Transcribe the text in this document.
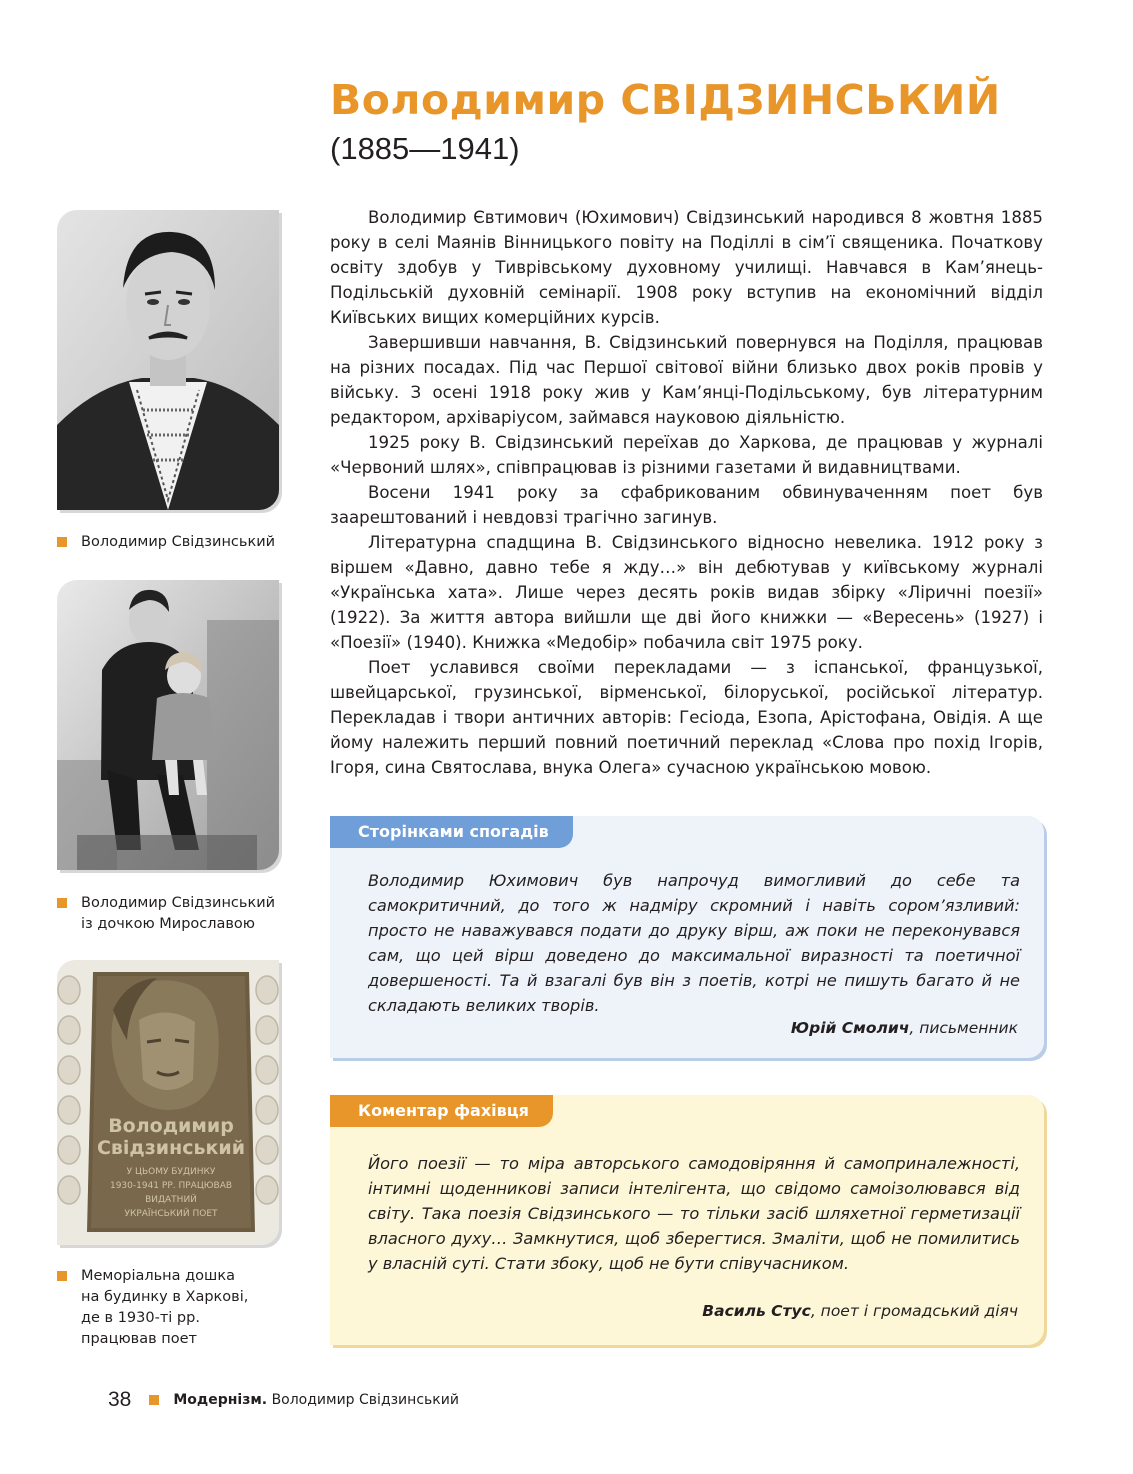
Володимир СВІДЗИНСЬКИЙ
(1885—1941)
Володимир Свідзинський
Володимир Свідзинський
із дочкою Мирославою
Володимир
Свідзинський
У ЦЬОМУ БУДИНКУ
1930-1941 РР. ПРАЦЮВАВ
ВИДАТНИЙ
УКРАЇНСЬКИЙ ПОЕТ
Меморіальна дошка
на будинку в Харкові,
де в 1930-ті рр.
працював поет

Володимир Євтимович (Юхимович) Свідзинський народився 8 жовтня 1885 року в селі Маянів Вінницького повіту на Поділлі в сім’ї священика. Початкову освіту здобув у Тиврівському духовному училищі. Навчався в Кам’янець-Подільській духовній семінарії. 1908 року вступив на економічний відділ Київських вищих комерційних курсів.

Завершивши навчання, В. Свідзинський повернувся на Поділля, працював на різних посадах. Під час Першої світової війни близько двох років провів у війську. З осені 1918 року жив у Кам’янці-Подільському, був літературним редактором, архіваріусом, займався науковою діяльністю.

1925 року В. Свідзинський переїхав до Харкова, де працював у журналі «Червоний шлях», співпрацював із різними газетами й видавництвами.

Восени 1941 року за сфабрикованим обвинуваченням поет був заарештований і невдовзі трагічно загинув.

Літературна спадщина В. Свідзинського відносно невелика. 1912 року з віршем «Давно, давно тебе я жду…» він дебютував у київському журналі «Українська хата». Лише через десять років видав збірку «Ліричні поезії» (1922). За життя автора вийшли ще дві його книжки — «Вересень» (1927) і «Поезії» (1940). Книжка «Медобір» побачила світ 1975 року.

Поет уславився своїми перекладами — з іспанської, французької, швейцарської, грузинської, вірменської, білоруської, російської літератур. Перекладав і твори античних авторів: Гесіода, Езопа, Арістофана, Овідія. А ще йому належить перший повний поетичний переклад «Слова про похід Ігорів, Ігоря, сина Святослава, внука Олега» сучасною українською мовою.

Сторінками спогадів
Володимир Юхимович був напрочуд вимогливий до себе та самокритичний, до того ж надміру скромний і навіть сором’язливий: просто не наважувався подати до друку вірш, аж поки не переконувався сам, що цей вірш доведено до максимальної виразності та поетичної довершеності. Та й взагалі був він з поетів, котрі не пишуть багато й не складають великих творів.
Юрій Смолич, письменник
Коментар фахівця
Його поезії — то міра авторського самодовіряння й самоприналежності, інтимні щоденникові записи інтелігента, що свідомо самоізолювався від світу. Така поезія Свідзинського — то тільки засіб шляхетної герметизації власного духу… Замкнутися, щоб зберегтися. Змаліти, щоб не помилитись у власній суті. Стати збоку, щоб не бути співучасником.
Василь Стус, поет і громадський діяч
38	Модернізм. Володимир Свідзинський
